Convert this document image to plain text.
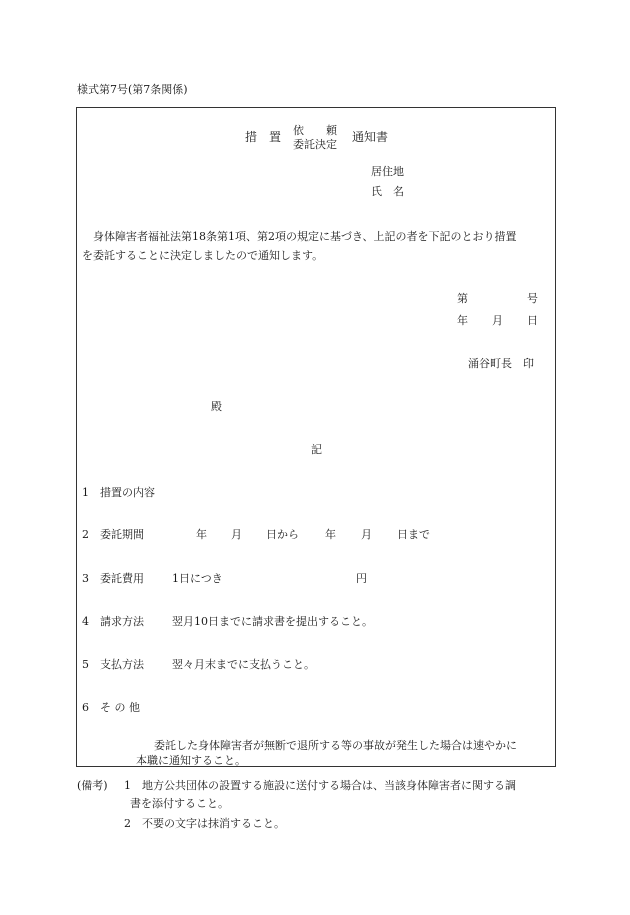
様式第7号(第7条関係)
措　置 依　　頼
委託決定
通知書
居住地
氏　名
身体障害者福祉法第18条第1項、第2項の規定に基づき、上記の者を下記のとおり措置
を委託することに決定しましたので通知します。
第	号
年 月 日
涌谷町長　印
殿
記
1 措置の内容
2 委託期間	年 月 日から 年 月 日まで
3 委託費用	1日につき	円
4 請求方法	翌月10日までに請求書を提出すること。
5 支払方法	翌々月末までに支払うこと。
6 そ の 他
委託した身体障害者が無断で退所する等の事故が発生した場合は速やかに
本職に通知すること。
(備考) 1 地方公共団体の設置する施設に送付する場合は、当該身体障害者に関する調
書を添付すること。
2 不要の文字は抹消すること。
